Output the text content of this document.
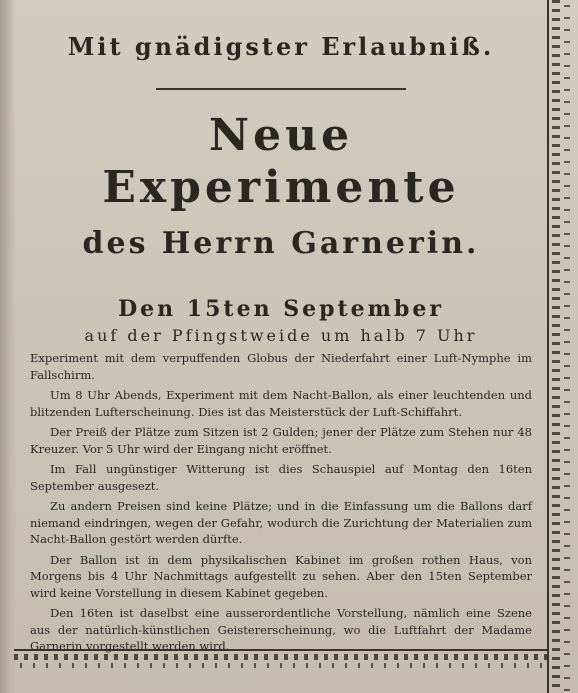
Mit gnädigster Erlaubniß.
Neue Experimente
des Herrn Garnerin.
Den 15ten September
auf der Pfingstweide um halb 7 Uhr

Experiment mit dem verpuffenden Globus der Niederfahrt einer Luft-Nymphe im Fallschirm.

Um 8 Uhr Abends, Experiment mit dem Nacht-Ballon, als einer leuchtenden und blitzenden Lufterscheinung. Dies ist das Meisterstück der Luft-Schiffahrt.

Der Preiß der Plätze zum Sitzen ist 2 Gulden; jener der Plätze zum Stehen nur 48 Kreuzer. Vor 5 Uhr wird der Eingang nicht eröffnet.

Im Fall ungünstiger Witterung ist dies Schauspiel auf Montag den 16ten September ausgesezt.

Zu andern Preisen sind keine Plätze; und in die Einfassung um die Ballons darf niemand eindringen, wegen der Gefahr, wodurch die Zurichtung der Materialien zum Nacht-Ballon gestört werden dürfte.

Der Ballon ist in dem physikalischen Kabinet im großen rothen Haus, von Morgens bis 4 Uhr Nachmittags aufgestellt zu sehen. Aber den 15ten September wird keine Vorstellung in diesem Kabinet gegeben.

Den 16ten ist daselbst eine ausserordentliche Vorstellung, nämlich eine Szene aus der natürlich-künstlichen Geistererscheinung, wo die Luftfahrt der Madame Garnerin vorgestellt werden wird.
